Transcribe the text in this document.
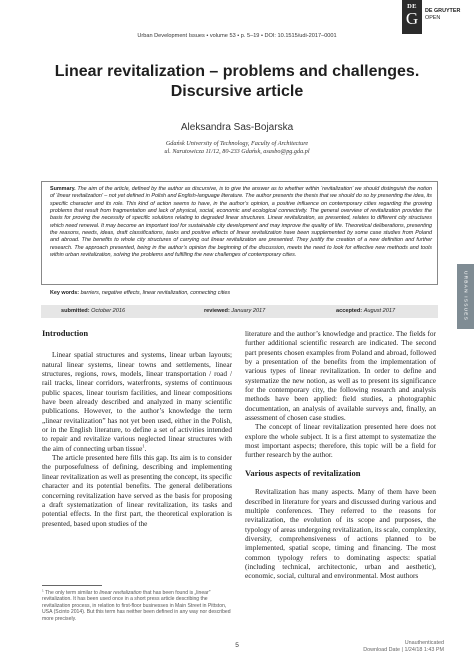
Urban Development Issues • volume 53 • p. 5–19 • DOI: 10.1515/udi-2017–0001
DE
G	DE GRUYTER
OPEN
Linear revitalization – problems and challenges.
Discursive article
Aleksandra Sas-Bojarska
Gdańsk University of Technology, Faculty of Architecture
ul. Narutowicza 11/12, 80-233 Gdańsk, asasbo@pg.gda.pl
Summary. The aim of the article, defined by the author as discursive, is to give the answer as to whether within ‘revitalization’ we should distinguish the notion of ‘linear revitalization’ – not yet defined in Polish and English-language literature. The author presents the thesis that we should do so by presenting the idea, its specific character and its role. This kind of action seems to have, in the author’s opinion, a positive influence on contemporary cities regarding the growing problems that result from fragmentation and lack of physical, social, economic and ecological connectivity. The general overview of revitalization provides the basis for proving the necessity of specific solutions relating to degraded linear structures. Linear revitalization, as presented, relates to different city structures which need renewal. It may become an important tool for sustainable city development and may improve the quality of life. Theoretical deliberations, presenting the reasons, needs, ideas, draft classifications, tasks and positive effects of linear revitalization have been supplemented by some case studies from Poland and abroad. The benefits to whole city structures of carrying out linear revitalization are presented. They justify the creation of a new definition and further research. The approach presented, being in the author’s opinion the beginning of the discussion, meets the need to look for effective new methods and tools within urban revitalization, solving the problems and fulfilling the new challenges of contemporary cities.
Key words: barriers, negative effects, linear revitalization, connecting cities
submitted: October 2016	reviewed: January 2017	accepted: August 2017	URBAN ISSUES
Introduction

Linear spatial structures and systems, linear urban layouts; natural linear systems, linear towns and settlements, linear structures, regions, rows, models, linear transportation / road / rail tracks, linear corridors, waterfronts, systems of continuous public spaces, linear tourism facilities, and linear compositions have been already described and analyzed in many scientific publications. However, to the author’s knowledge the term „linear revitalization” has not yet been used, either in the Polish, or in the English literature, to define a set of activities intended to repair and revitalize various neglected linear structures with the aim of connecting urban tissue$^1$.

The article presented here fills this gap. Its aim is to consider the purposefulness of defining, describing and implementing linear revitalization as well as presenting the concept, its specific character and its potential benefits. The general deliberations concerning revitalization have served as the basis for proposing a draft systematization of linear revitalization, its tasks and potential effects. In the first part, the theoretical exploration is presented, based upon studies of the

literature and the author’s knowledge and practice. The fields for further additional scientific research are indicated. The second part presents chosen examples from Poland and abroad, followed by a presentation of the benefits from the implementation of various types of linear revitalization. In order to define and systematize the new notion, as well as to present its significance for the contemporary city, the following research and analysis methods have been applied: field studies, a photographic documentation, an analysis of available surveys and, finally, an assessment of chosen case studies.

The concept of linear revitalization presented here does not explore the whole subject. It is a first attempt to systematize the most important aspects; therefore, this topic will be a field for further research by the author.

Various aspects of revitalization

Revitalization has many aspects. Many of them have been described in literature for years and discussed during various and multiple conferences. They referred to the reasons for revitalization, the evolution of its scope and purposes, the typology of areas undergoing revitalization, its scale, complexity, diversity, comprehensiveness of actions planned to be implemented, spatial scope, timing and financing. The most common typology refers to dominating aspects: spatial (including technical, architectonic, urban and aesthetic), economic, social, cultural and environmental. Most authors

$^1$ The only term similar to linear revitalization that has been found is „linear” revitalization. It has been used once in a short press article describing the revitalization process, in relation to first-floor businesses in Main Street in Pittston, USA (Scinto 2014). But this term has neither been defined in any way nor described more precisely.
5	Unauthenticated
Download Date | 1/24/18 1:43 PM
